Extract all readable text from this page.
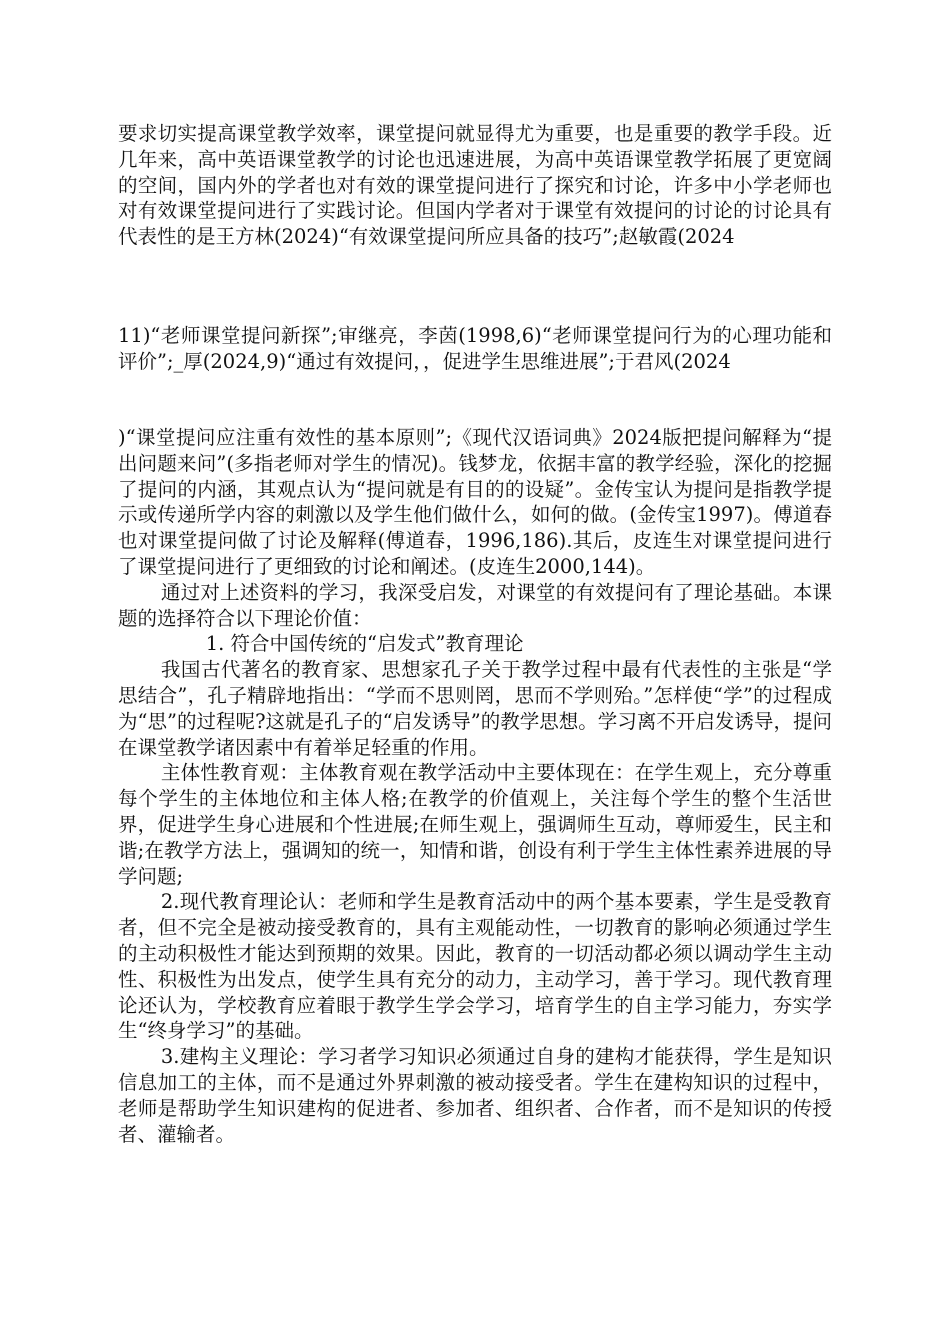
要求切实提高课堂教学效率，课堂提问就显得尤为重要，也是重要的教学手段。近几年来，高中英语课堂教学的讨论也迅速进展，为高中英语课堂教学拓展了更宽阔的空间，国内外的学者也对有效的课堂提问进行了探究和讨论，许多中小学老师也对有效课堂提问进行了实践讨论。但国内学者对于课堂有效提问的讨论的讨论具有代表性的是王方林(2024)“有效课堂提问所应具备的技巧”;赵敏霞(2024

11)“老师课堂提问新探”;审继亮，李茵(1998,6)“老师课堂提问行为的心理功能和评价”;_厚(2024,9)“通过有效提问，，促进学生思维进展”;于君风(2024

)“课堂提问应注重有效性的基本原则”;《现代汉语词典》2024版把提问解释为“提出问题来问”(多指老师对学生的情况)。钱梦龙，依据丰富的教学经验，深化的挖掘了提问的内涵，其观点认为“提问就是有目的的设疑”。金传宝认为提问是指教学提示或传递所学内容的刺激以及学生他们做什么，如何的做。(金传宝1997)。傅道春也对课堂提问做了讨论及解释(傅道春，1996,186).其后，皮连生对课堂提问进行了课堂提问进行了更细致的讨论和阐述。(皮连生2000,144)。

通过对上述资料的学习，我深受启发，对课堂的有效提问有了理论基础。本课题的选择符合以下理论价值：

1. 符合中国传统的“启发式”教育理论

我国古代著名的教育家、思想家孔子关于教学过程中最有代表性的主张是“学思结合”，孔子精辟地指出：“学而不思则罔，思而不学则殆。”怎样使“学”的过程成为“思”的过程呢?这就是孔子的“启发诱导”的教学思想。学习离不开启发诱导，提问在课堂教学诸因素中有着举足轻重的作用。

主体性教育观：主体教育观在教学活动中主要体现在：在学生观上，充分尊重每个学生的主体地位和主体人格;在教学的价值观上，关注每个学生的整个生活世界，促进学生身心进展和个性进展;在师生观上，强调师生互动，尊师爱生，民主和谐;在教学方法上，强调知的统一，知情和谐，创设有利于学生主体性素养进展的导学问题;

2.现代教育理论认：老师和学生是教育活动中的两个基本要素，学生是受教育者，但不完全是被动接受教育的，具有主观能动性，一切教育的影响必须通过学生的主动积极性才能达到预期的效果。因此，教育的一切活动都必须以调动学生主动性、积极性为出发点，使学生具有充分的动力，主动学习，善于学习。现代教育理论还认为，学校教育应着眼于教学生学会学习，培育学生的自主学习能力，夯实学生“终身学习”的基础。

3.建构主义理论：学习者学习知识必须通过自身的建构才能获得，学生是知识信息加工的主体，而不是通过外界刺激的被动接受者。学生在建构知识的过程中，老师是帮助学生知识建构的促进者、参加者、组织者、合作者，而不是知识的传授者、灌输者。
